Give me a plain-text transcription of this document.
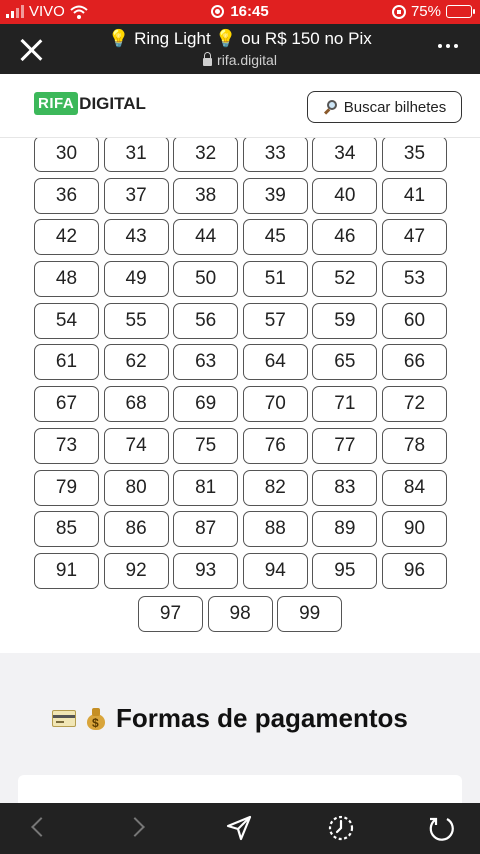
VIVO	16:45	75%
💡 Ring Light 💡 ou R$ 150 no Pix
rifa.digital
RIFA DIGITAL	Buscar bilhetes
30	31	32	33	34	35
36	37	38	39	40	41
42	43	44	45	46	47
48	49	50	51	52	53
54	55	56	57	59	60
61	62	63	64	65	66
67	68	69	70	71	72
73	74	75	76	77	78
79	80	81	82	83	84
85	86	87	88	89	90
91	92	93	94	95	96
97	98	99
$
Formas de pagamentos
